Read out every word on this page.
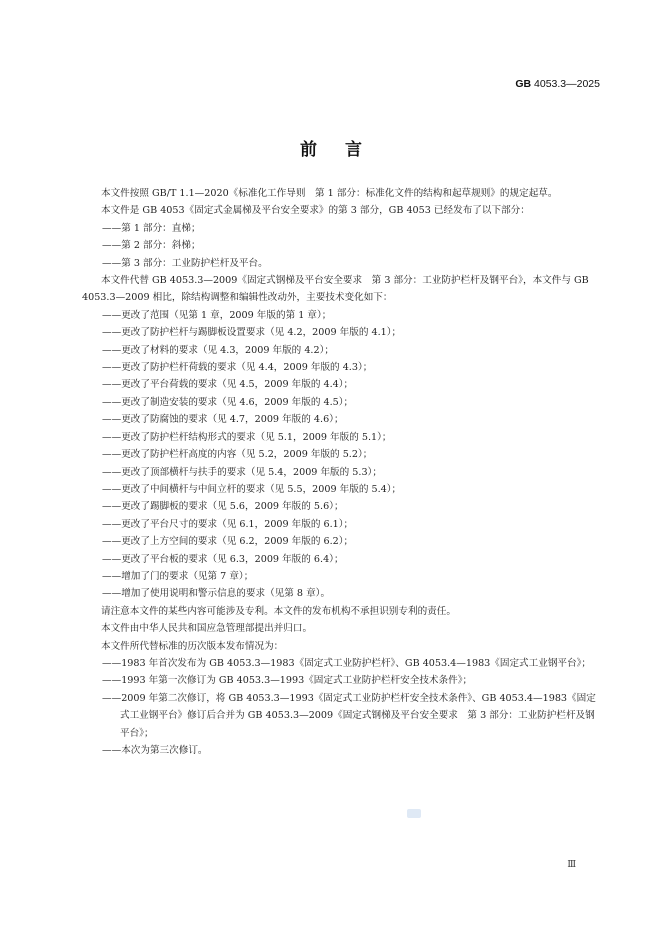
GB 4053.3—2025
前言

本文件按照 GB/T 1.1—2020《标准化工作导则　第 1 部分：标准化文件的结构和起草规则》的规定起草。

本文件是 GB 4053《固定式金属梯及平台安全要求》的第 3 部分，GB 4053 已经发布了以下部分：

——第 1 部分：直梯；

——第 2 部分：斜梯；

——第 3 部分：工业防护栏杆及平台。

本文件代替 GB 4053.3—2009《固定式钢梯及平台安全要求　第 3 部分：工业防护栏杆及钢平台》，本文件与 GB 4053.3—2009 相比，除结构调整和编辑性改动外，主要技术变化如下：

——更改了范围（见第 1 章，2009 年版的第 1 章）；

——更改了防护栏杆与踢脚板设置要求（见 4.2，2009 年版的 4.1）；

——更改了材料的要求（见 4.3，2009 年版的 4.2）；

——更改了防护栏杆荷载的要求（见 4.4，2009 年版的 4.3）；

——更改了平台荷载的要求（见 4.5，2009 年版的 4.4）；

——更改了制造安装的要求（见 4.6，2009 年版的 4.5）；

——更改了防腐蚀的要求（见 4.7，2009 年版的 4.6）；

——更改了防护栏杆结构形式的要求（见 5.1，2009 年版的 5.1）；

——更改了防护栏杆高度的内容（见 5.2，2009 年版的 5.2）；

——更改了顶部横杆与扶手的要求（见 5.4，2009 年版的 5.3）；

——更改了中间横杆与中间立杆的要求（见 5.5，2009 年版的 5.4）；

——更改了踢脚板的要求（见 5.6，2009 年版的 5.6）；

——更改了平台尺寸的要求（见 6.1，2009 年版的 6.1）；

——更改了上方空间的要求（见 6.2，2009 年版的 6.2）；

——更改了平台板的要求（见 6.3，2009 年版的 6.4）；

——增加了门的要求（见第 7 章）；

——增加了使用说明和警示信息的要求（见第 8 章）。

请注意本文件的某些内容可能涉及专利。本文件的发布机构不承担识别专利的责任。

本文件由中华人民共和国应急管理部提出并归口。

本文件所代替标准的历次版本发布情况为：

——1983 年首次发布为 GB 4053.3—1983《固定式工业防护栏杆》、GB 4053.4—1983《固定式工业钢平台》；

——1993 年第一次修订为 GB 4053.3—1993《固定式工业防护栏杆安全技术条件》；

——2009 年第二次修订，将 GB 4053.3—1993《固定式工业防护栏杆安全技术条件》、GB 4053.4—1983《固定式工业钢平台》修订后合并为 GB 4053.3—2009《固定式钢梯及平台安全要求　第 3 部分：工业防护栏杆及钢平台》；

——本次为第三次修订。

Ⅲ
